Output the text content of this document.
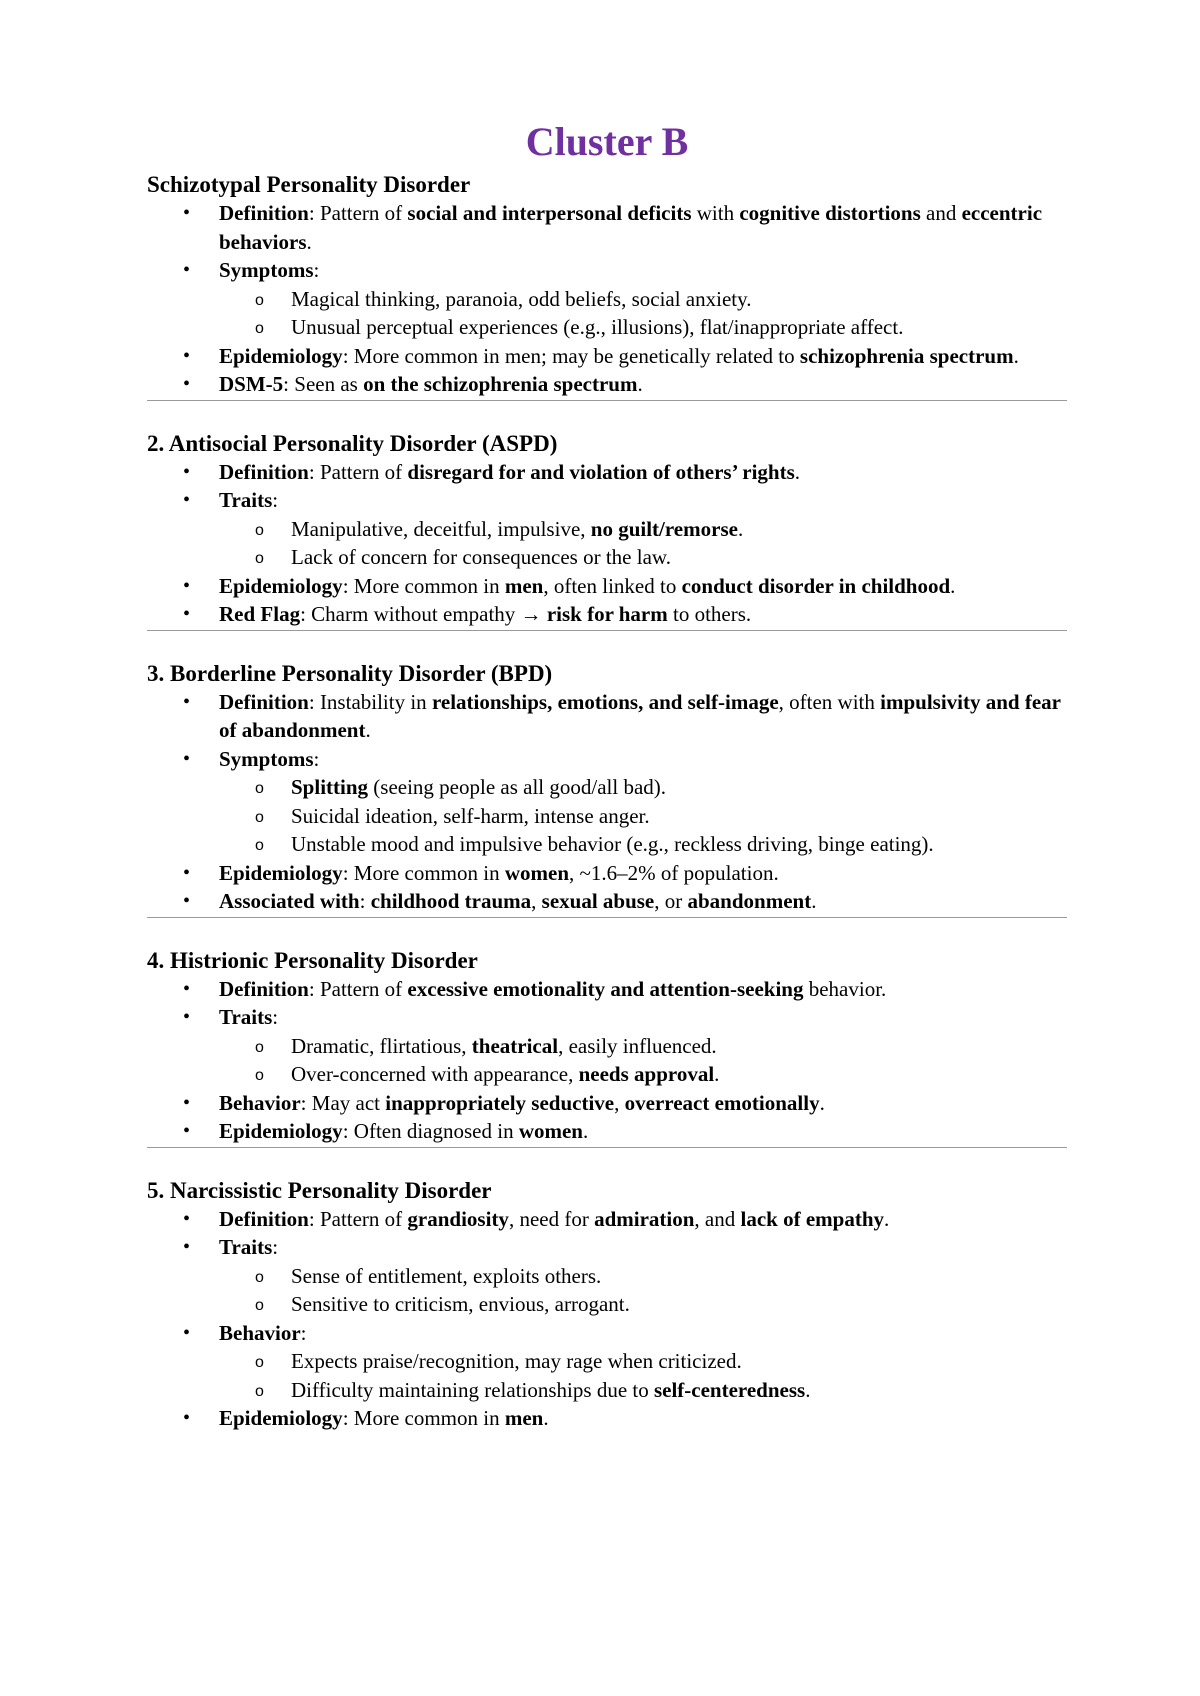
Cluster B
Schizotypal Personality Disorder
• Definition: Pattern of social and interpersonal deficits with cognitive distortions and eccentric behaviors.
• Symptoms:
o Magical thinking, paranoia, odd beliefs, social anxiety.
o Unusual perceptual experiences (e.g., illusions), flat/inappropriate affect.
• Epidemiology: More common in men; may be genetically related to schizophrenia spectrum.
• DSM-5: Seen as on the schizophrenia spectrum.
2. Antisocial Personality Disorder (ASPD)
• Definition: Pattern of disregard for and violation of others’ rights.
• Traits:
o Manipulative, deceitful, impulsive, no guilt/remorse.
o Lack of concern for consequences or the law.
• Epidemiology: More common in men, often linked to conduct disorder in childhood.
• Red Flag: Charm without empathy → risk for harm to others.
3. Borderline Personality Disorder (BPD)
• Definition: Instability in relationships, emotions, and self-image, often with impulsivity and fear of abandonment.
• Symptoms:
o Splitting (seeing people as all good/all bad).
o Suicidal ideation, self-harm, intense anger.
o Unstable mood and impulsive behavior (e.g., reckless driving, binge eating).
• Epidemiology: More common in women, ~1.6–2% of population.
• Associated with: childhood trauma, sexual abuse, or abandonment.
4. Histrionic Personality Disorder
• Definition: Pattern of excessive emotionality and attention-seeking behavior.
• Traits:
o Dramatic, flirtatious, theatrical, easily influenced.
o Over-concerned with appearance, needs approval.
• Behavior: May act inappropriately seductive, overreact emotionally.
• Epidemiology: Often diagnosed in women.
5. Narcissistic Personality Disorder
• Definition: Pattern of grandiosity, need for admiration, and lack of empathy.
• Traits:
o Sense of entitlement, exploits others.
o Sensitive to criticism, envious, arrogant.
• Behavior:
o Expects praise/recognition, may rage when criticized.
o Difficulty maintaining relationships due to self-centeredness.
• Epidemiology: More common in men.
